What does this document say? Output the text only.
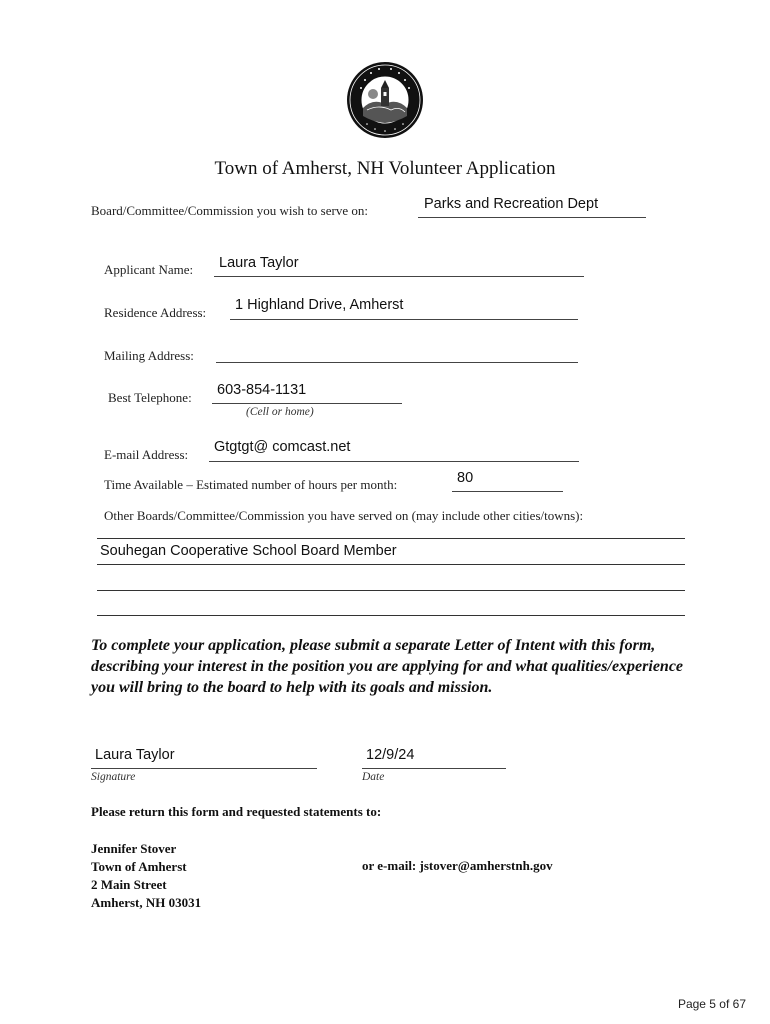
Town of Amherst, NH Volunteer Application
Board/Committee/Commission you wish to serve on:	Parks and Recreation Dept
Applicant Name: Laura Taylor
Residence Address: 1 Highland Drive, Amherst
Mailing Address:
Best Telephone: 603-854-1131
(Cell or home)
E-mail Address: Gtgtgt@ comcast.net
Time Available – Estimated number of hours per month:	80
Other Boards/Committee/Commission you have served on (may include other cities/towns):
Souhegan Cooperative School Board Member
To complete your application, please submit a separate Letter of Intent with this form, describing your interest in the position you are applying for and what qualities/experience you will bring to the board to help with its goals and mission.
Laura Taylor
Signature
12/9/24
Date
Please return this form and requested statements to:
Jennifer Stover
Town of Amherst
2 Main Street
Amherst, NH 03031
or e-mail: jstover@amherstnh.gov
Page 5 of 67
